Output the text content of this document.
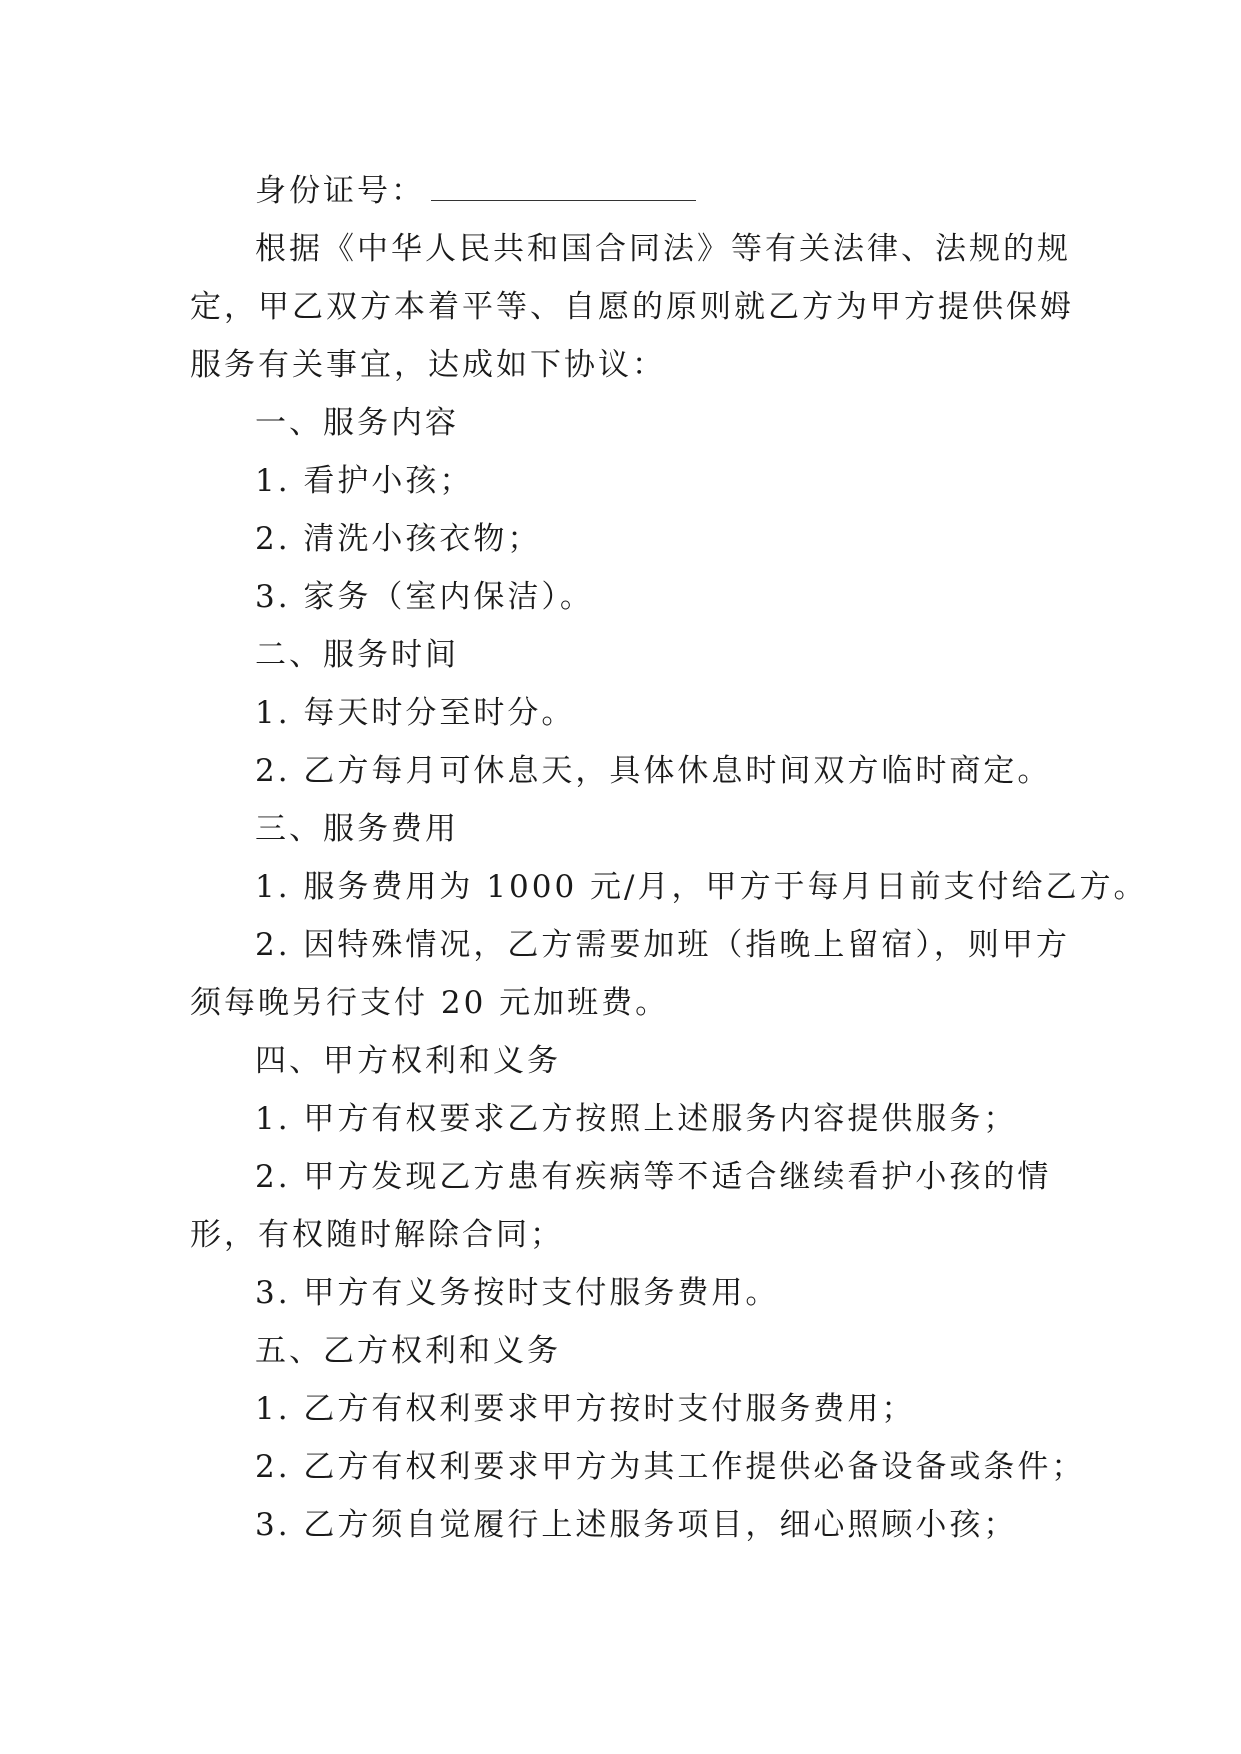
身份证号：
根据《中华人民共和国合同法》等有关法律、法规的规
定，甲乙双方本着平等、自愿的原则就乙方为甲方提供保姆
服务有关事宜，达成如下协议：
一、服务内容
1. 看护小孩；
2. 清洗小孩衣物；
3. 家务（室内保洁）。
二、服务时间
1. 每天时分至时分。
2. 乙方每月可休息天，具体休息时间双方临时商定。
三、服务费用
1. 服务费用为 1000 元/月，甲方于每月日前支付给乙方。
2. 因特殊情况，乙方需要加班（指晚上留宿），则甲方
须每晚另行支付 20 元加班费。
四、甲方权利和义务
1. 甲方有权要求乙方按照上述服务内容提供服务；
2. 甲方发现乙方患有疾病等不适合继续看护小孩的情
形，有权随时解除合同；
3. 甲方有义务按时支付服务费用。
五、乙方权利和义务
1. 乙方有权利要求甲方按时支付服务费用；
2. 乙方有权利要求甲方为其工作提供必备设备或条件；
3. 乙方须自觉履行上述服务项目，细心照顾小孩；
